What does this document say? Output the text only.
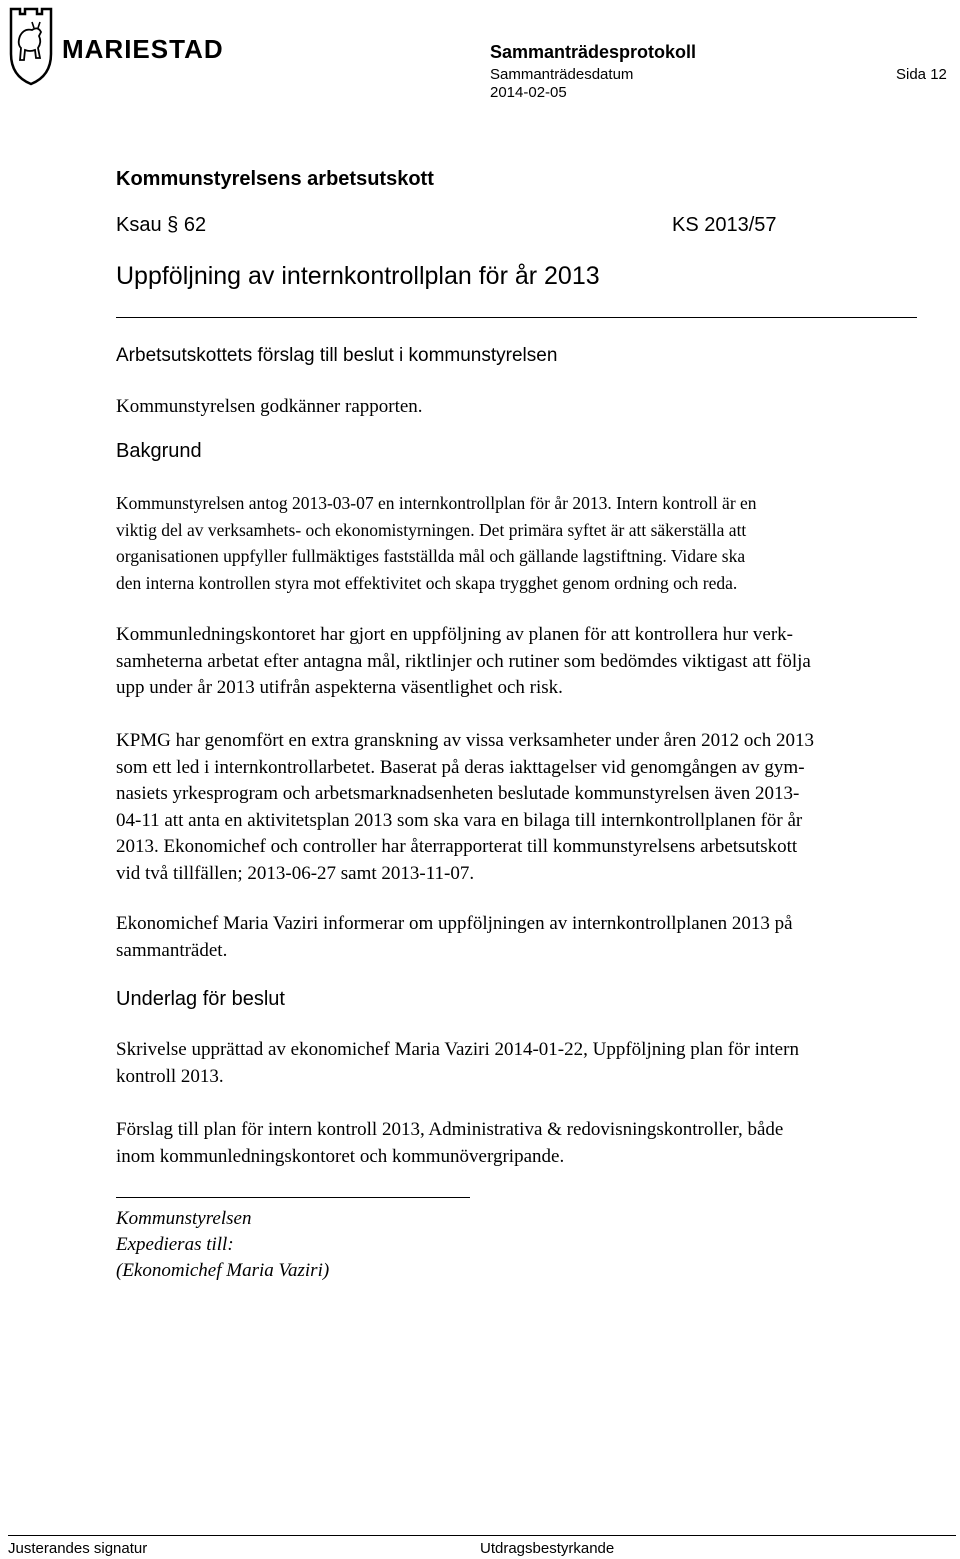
MARIESTAD	Sammanträdesprotokoll
Sammanträdesdatum
2014-02-05
Sida 12
Kommunstyrelsens arbetsutskott
Ksau § 62	KS 2013/57
Uppföljning av internkontrollplan för år 2013
Arbetsutskottets förslag till beslut i kommunstyrelsen
Kommunstyrelsen godkänner rapporten.
Bakgrund
Kommunstyrelsen antog 2013-03-07 en internkontrollplan för år 2013. Intern kontroll är en
viktig del av verksamhets- och ekonomistyrningen. Det primära syftet är att säkerställa att
organisationen uppfyller fullmäktiges fastställda mål och gällande lagstiftning. Vidare ska
den interna kontrollen styra mot effektivitet och skapa trygghet genom ordning och reda.
Kommunledningskontoret har gjort en uppföljning av planen för att kontrollera hur verk-
samheterna arbetat efter antagna mål, riktlinjer och rutiner som bedömdes viktigast att följa
upp under år 2013 utifrån aspekterna väsentlighet och risk.
KPMG har genomfört en extra granskning av vissa verksamheter under åren 2012 och 2013
som ett led i internkontrollarbetet. Baserat på deras iakttagelser vid genomgången av gym-
nasiets yrkesprogram och arbetsmarknadsenheten beslutade kommunstyrelsen även 2013-
04-11 att anta en aktivitetsplan 2013 som ska vara en bilaga till internkontrollplanen för år
2013. Ekonomichef och controller har återrapporterat till kommunstyrelsens arbetsutskott
vid två tillfällen; 2013-06-27 samt 2013-11-07.
Ekonomichef Maria Vaziri informerar om uppföljningen av internkontrollplanen 2013 på
sammanträdet.
Underlag för beslut
Skrivelse upprättad av ekonomichef Maria Vaziri 2014-01-22, Uppföljning plan för intern
kontroll 2013.
Förslag till plan för intern kontroll 2013, Administrativa & redovisningskontroller, både
inom kommunledningskontoret och kommunövergripande.
Kommunstyrelsen
Expedieras till:
(Ekonomichef Maria Vaziri)
Justerandes signatur	Utdragsbestyrkande
